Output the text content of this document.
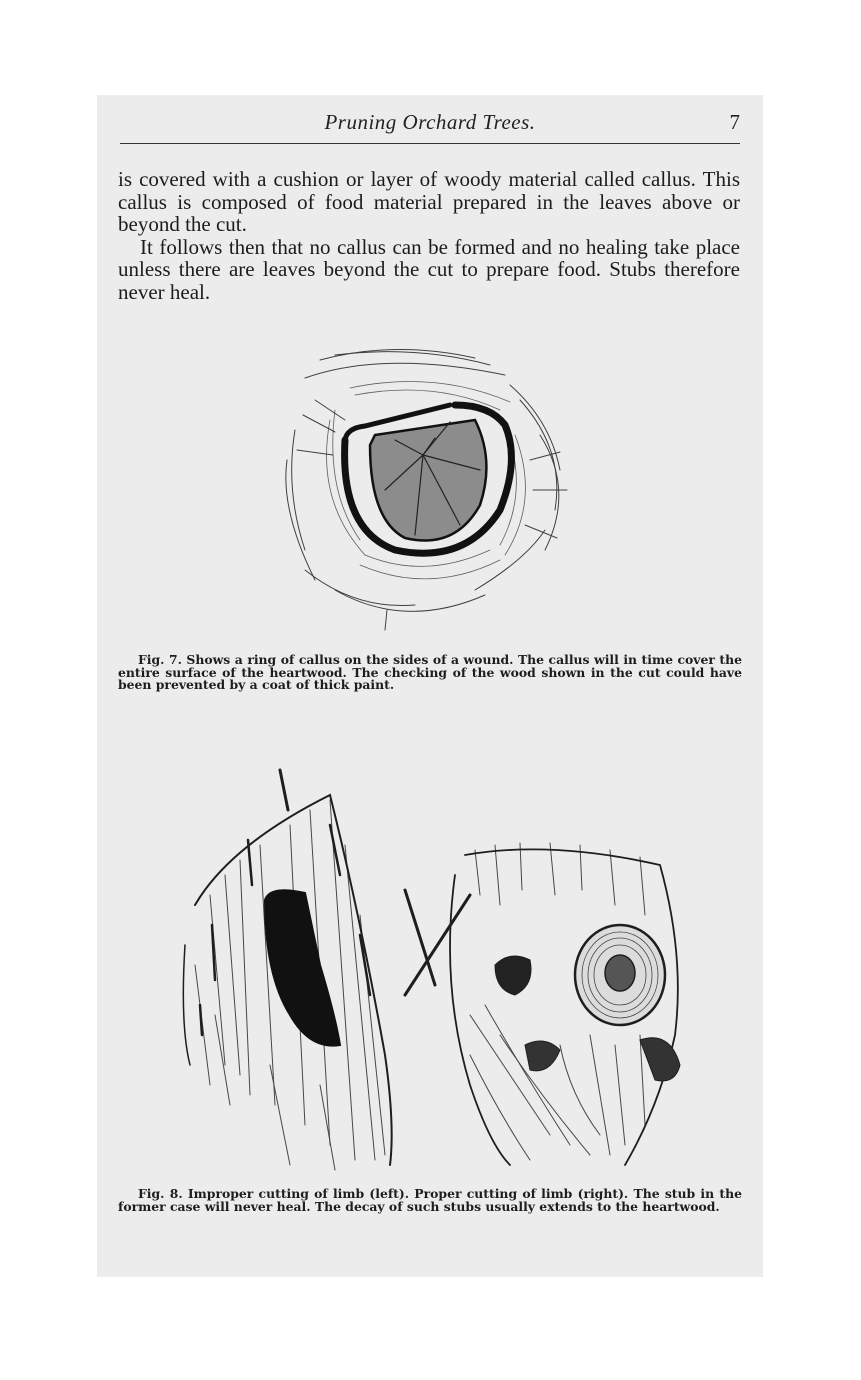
Pruning Orchard Trees.	7

is covered with a cushion or layer of woody material called callus. This callus is composed of food material prepared in the leaves above or beyond the cut.

It follows then that no callus can be formed and no healing take place unless there are leaves beyond the cut to prepare food. Stubs therefore never heal.

Fig. 7. Shows a ring of callus on the sides of a wound. The callus will in time cover the entire surface of the heartwood. The checking of the wood shown in the cut could have been prevented by a coat of thick paint.
Fig. 8. Improper cutting of limb (left). Proper cutting of limb (right). The stub in the former case will never heal. The decay of such stubs usually extends to the heartwood.
